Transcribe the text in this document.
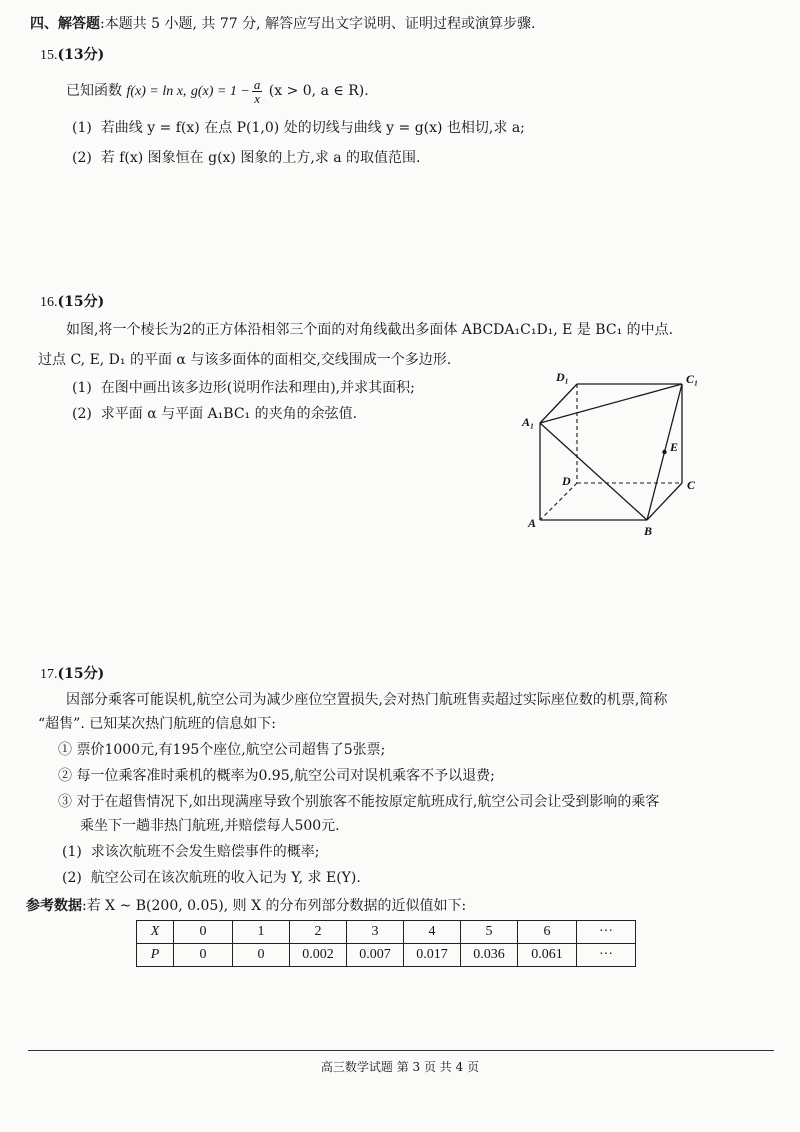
四、解答题:本题共 5 小题, 共 77 分, 解答应写出文字说明、证明过程或演算步骤.
15.(13分)
已知函数 f(x) = ln x, $g(x) = 1 - \frac{a}{x} (x > 0$, a ∈ R).
(1) 若曲线 y = f(x) 在点 P(1,0) 处的切线与曲线 y = g(x) 也相切,求 a;
(2) 若 f(x) 图象恒在 g(x) 图象的上方,求 a 的取值范围.
16.(15分)
如图,将一个棱长为2的正方体沿相邻三个面的对角线截出多面体 ABCDA₁C₁D₁, E 是 BC₁ 的中点.
过点 C, E, D₁ 的平面 α 与该多面体的面相交,交线围成一个多边形.
(1) 在图中画出该多边形(说明作法和理由),并求其面积;
(2) 求平面 α 与平面 A₁BC₁ 的夹角的余弦值.
D₁	C₁
A₁
E
D	C
A
B
17.(15分)
因部分乘客可能误机,航空公司为减少座位空置损失,会对热门航班售卖超过实际座位数的机票,简称
“超售”. 已知某次热门航班的信息如下:
① 票价1000元,有195个座位,航空公司超售了5张票;
② 每一位乘客准时乘机的概率为0.95,航空公司对误机乘客不予以退费;
③ 对于在超售情况下,如出现满座导致个别旅客不能按原定航班成行,航空公司会让受到影响的乘客
乘坐下一趟非热门航班,并赔偿每人500元.
(1) 求该次航班不会发生赔偿事件的概率;
(2) 航空公司在该次航班的收入记为 Y, 求 E(Y).
参考数据:若 X ~ B(200, 0.05), 则 X 的分布列部分数据的近似值如下:
X	0	1	2	3	4	5	6	···
P	0	0	0.002	0.007	0.017	0.036	0.061	···
高三数学试题 第 3 页 共 4 页
